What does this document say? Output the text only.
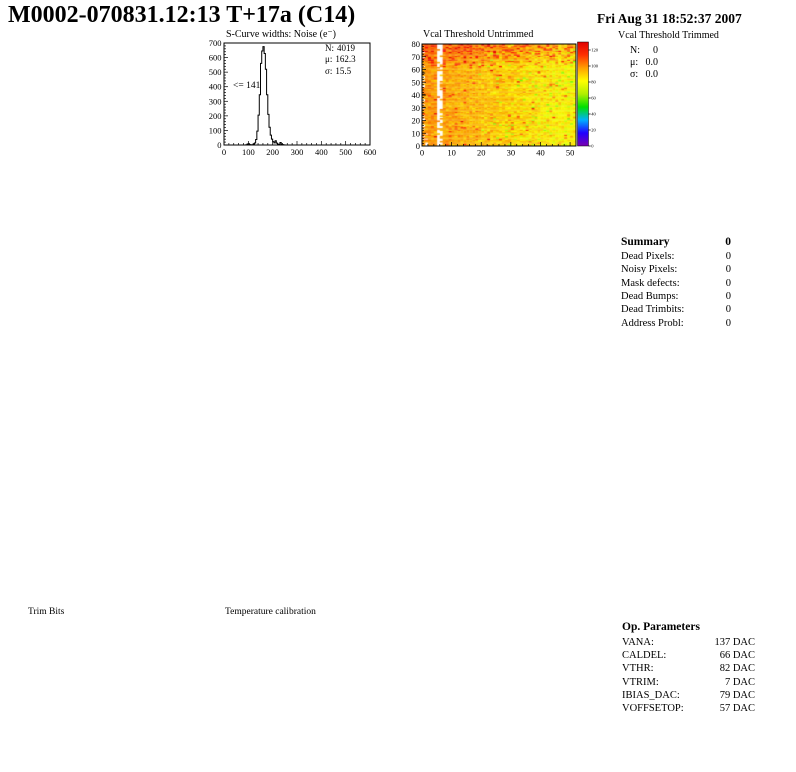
M0002-070831.12:13 T+17a (C14)	Fri Aug 31 18:52:37 2007
S-Curve widths: Noise (e⁻)
0 100 200 300 400 500 600
0
100
200
300
400
500
600
700	N: 4019
μ: 162.3
σ: 15.5
<= 141
Vcal Threshold Untrimmed
0	10 20 30 40 50
0
10
20
30
40
50
60
70
80
0
20
40
60
80
100
120
Vcal Threshold Trimmed
N: 0
μ: 0.0
σ: 0.0
Summary	0
Dead Pixels:	0
Noisy Pixels:	0
Mask defects:	0
Dead Bumps:	0
Dead Trimbits:	0
Address Probl:	0
Op. Parameters
VANA:	137 DAC
CALDEL:	66 DAC
VTHR:	82 DAC
VTRIM:	7 DAC
IBIAS_DAC:	79 DAC
VOFFSETOP:	57 DAC
Trim Bits	Temperature calibration
